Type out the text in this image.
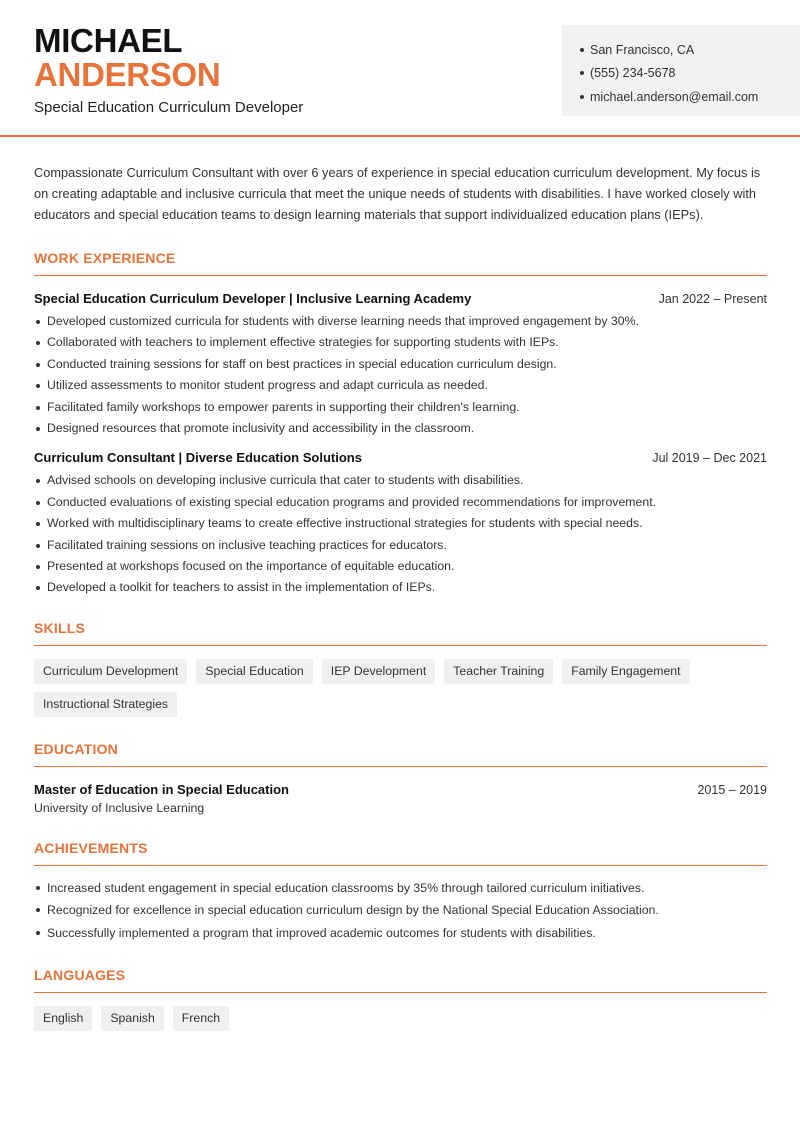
MICHAEL
ANDERSON
Special Education Curriculum Developer
San Francisco, CA
(555) 234-5678
michael.anderson@email.com

Compassionate Curriculum Consultant with over 6 years of experience in special education curriculum development. My focus is on creating adaptable and inclusive curricula that meet the unique needs of students with disabilities. I have worked closely with educators and special education teams to design learning materials that support individualized education plans (IEPs).

WORK EXPERIENCE
Special Education Curriculum Developer | Inclusive Learning Academy	Jan 2022 – Present
Developed customized curricula for students with diverse learning needs that improved engagement by 30%.
Collaborated with teachers to implement effective strategies for supporting students with IEPs.
Conducted training sessions for staff on best practices in special education curriculum design.
Utilized assessments to monitor student progress and adapt curricula as needed.
Facilitated family workshops to empower parents in supporting their children's learning.
Designed resources that promote inclusivity and accessibility in the classroom.
Curriculum Consultant | Diverse Education Solutions	Jul 2019 – Dec 2021
Advised schools on developing inclusive curricula that cater to students with disabilities.
Conducted evaluations of existing special education programs and provided recommendations for improvement.
Worked with multidisciplinary teams to create effective instructional strategies for students with special needs.
Facilitated training sessions on inclusive teaching practices for educators.
Presented at workshops focused on the importance of equitable education.
Developed a toolkit for teachers to assist in the implementation of IEPs.
SKILLS
Curriculum Development	Special Education	IEP Development	Teacher Training	Family Engagement
Instructional Strategies
EDUCATION
Master of Education in Special Education	2015 – 2019
University of Inclusive Learning
ACHIEVEMENTS
Increased student engagement in special education classrooms by 35% through tailored curriculum initiatives.
Recognized for excellence in special education curriculum design by the National Special Education Association.
Successfully implemented a program that improved academic outcomes for students with disabilities.
LANGUAGES
English	Spanish	French
